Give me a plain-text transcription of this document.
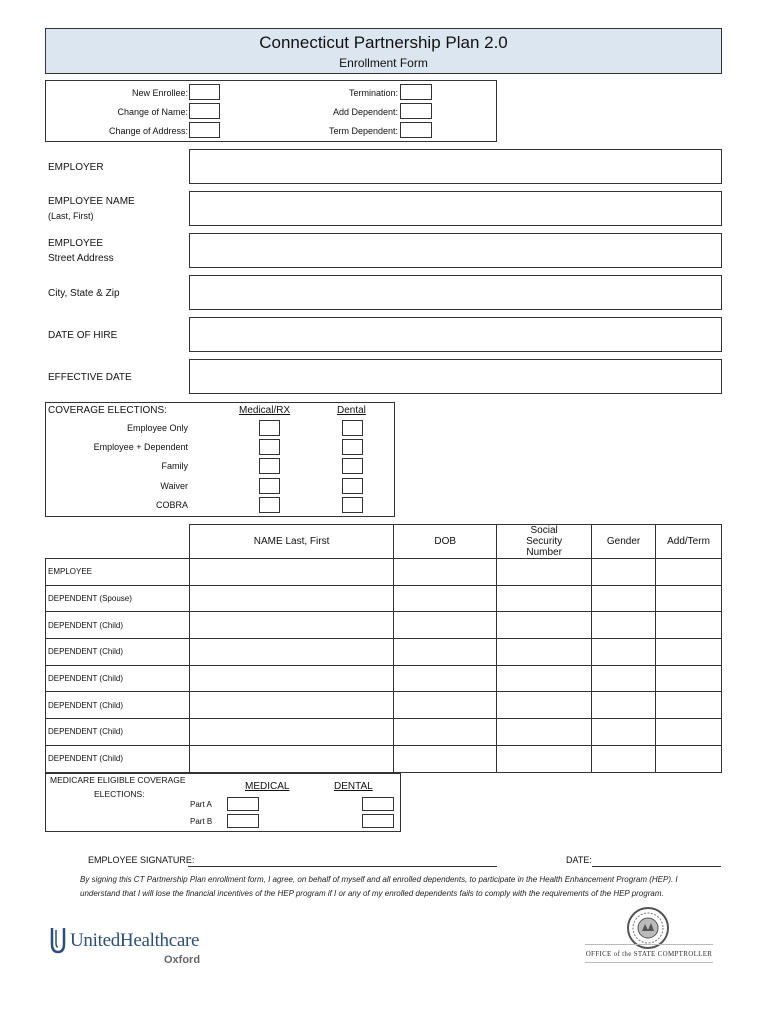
Connecticut Partnership Plan 2.0
Enrollment Form
New Enrollee:
Change of Name:
Change of Address:
Termination:
Add Dependent:
Term Dependent:
EMPLOYER
EMPLOYEE NAME
(Last, First)
EMPLOYEE
Street Address
City, State & Zip
DATE OF HIRE
EFFECTIVE DATE
COVERAGE ELECTIONS:	Medical/RX	Dental
Employee Only
Employee + Dependent
Family
Waiver
COBRA
	NAME Last, First	DOB	Social Security Number	Gender	Add/Term
EMPLOYEE					
DEPENDENT (Spouse)					
DEPENDENT (Child)					
DEPENDENT (Child)					
DEPENDENT (Child)					
DEPENDENT (Child)					
DEPENDENT (Child)					
DEPENDENT (Child)					
MEDICARE ELIGIBLE COVERAGE
ELECTIONS:
MEDICAL	DENTAL
Part A
Part B
EMPLOYEE SIGNATURE:	DATE:
By signing this CT Partnership Plan enrollment form, I agree, on behalf of myself and all enrolled dependents, to participate in the Health Enhancement Program (HEP). I understand that I will lose the financial incentives of the HEP program if I or any of my enrolled dependents fails to comply with the requirements of the HEP program.
UnitedHealthcare
Oxford	OFFICE of the STATE COMPTROLLER
